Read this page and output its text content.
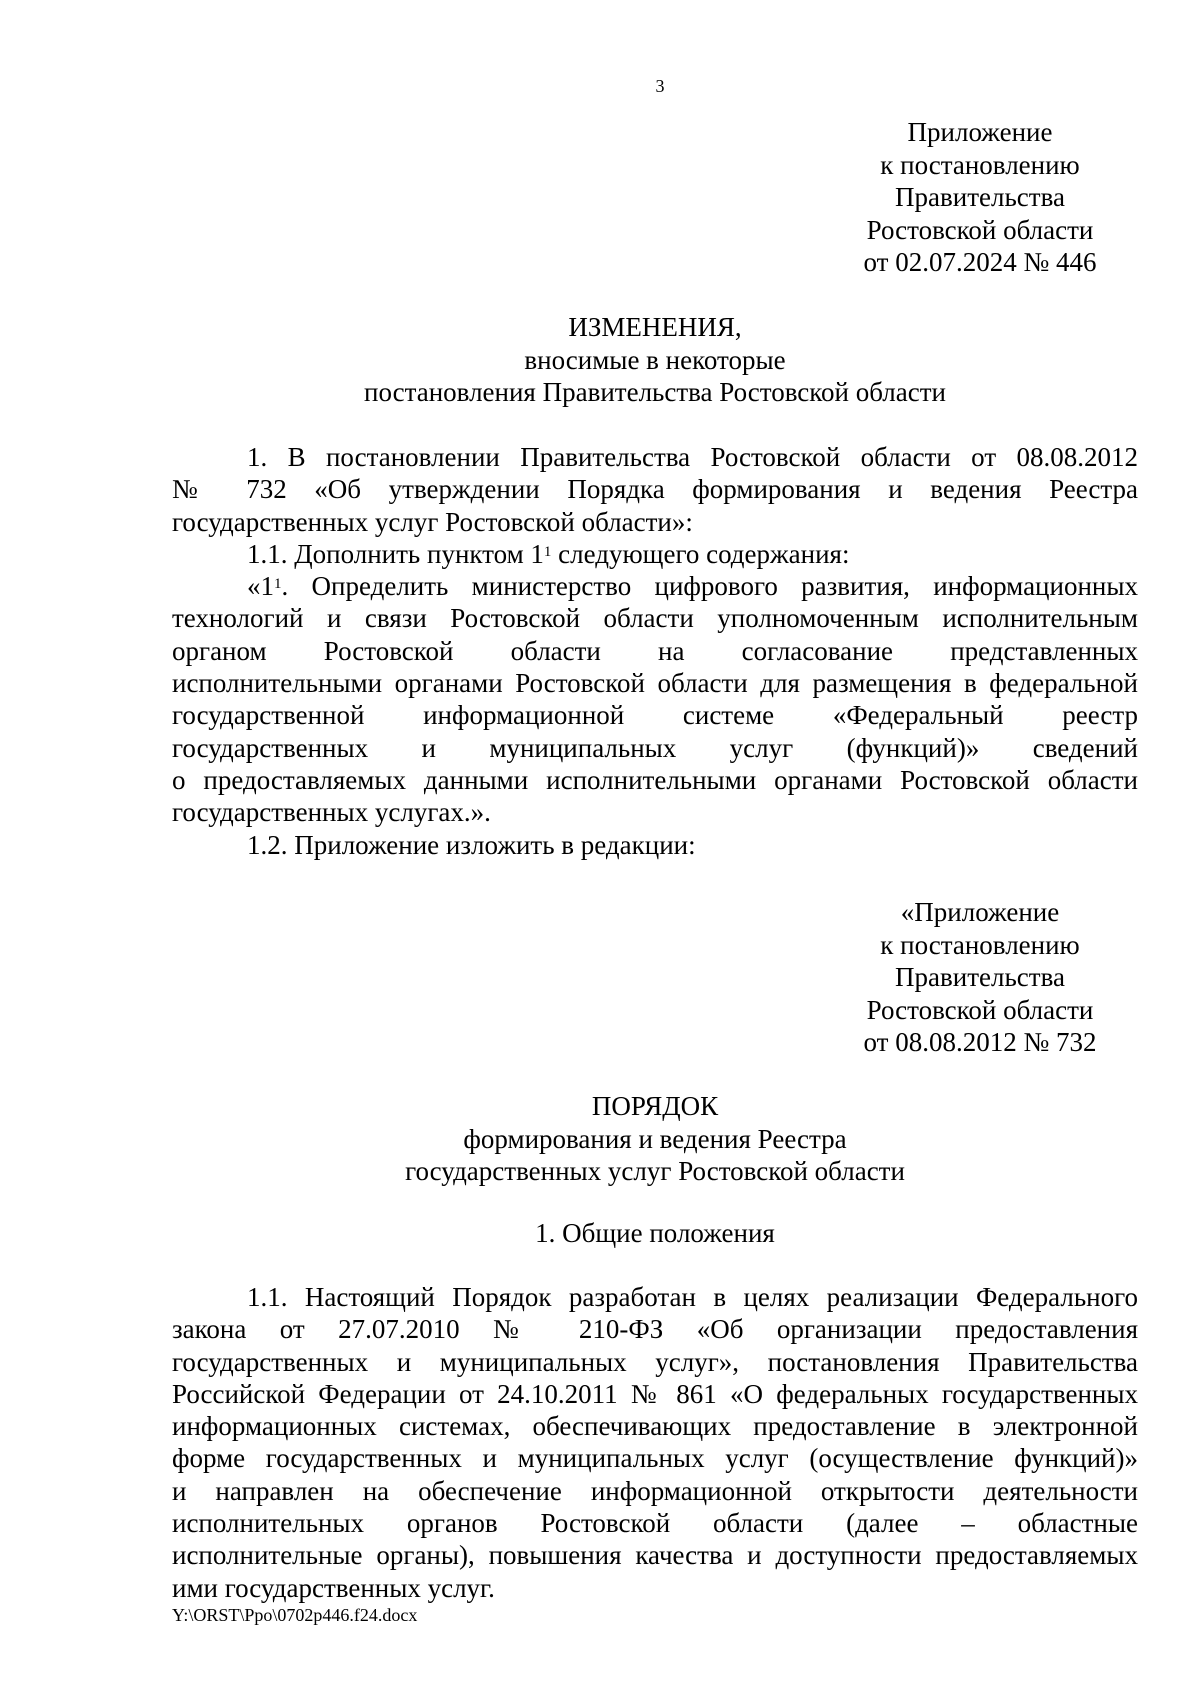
3
Приложение
к постановлению
Правительства
Ростовской области
от 02.07.2024 № 446
ИЗМЕНЕНИЯ,
вносимые в некоторые
постановления Правительства Ростовской области
1. В постановлении Правительства Ростовской области от 08.08.2012
№ 732 «Об утверждении Порядка формирования и ведения Реестра
государственных услуг Ростовской области»:
1.1. Дополнить пунктом $1^1$ следующего содержания:
«$1^1$. Определить министерство цифрового развития, информационных
технологий и связи Ростовской области уполномоченным исполнительным
органом Ростовской области на согласование представленных
исполнительными органами Ростовской области для размещения в федеральной
государственной информационной системе «Федеральный реестр
государственных и муниципальных услуг (функций)» сведений
о предоставляемых данными исполнительными органами Ростовской области
государственных услугах.».
1.2. Приложение изложить в редакции:
«Приложение
к постановлению
Правительства
Ростовской области
от 08.08.2012 № 732
ПОРЯДОК
формирования и ведения Реестра
государственных услуг Ростовской области
1. Общие положения
1.1. Настоящий Порядок разработан в целях реализации Федерального
закона от 27.07.2010 № 210-ФЗ «Об организации предоставления
государственных и муниципальных услуг», постановления Правительства
Российской Федерации от 24.10.2011 № 861 «О федеральных государственных
информационных системах, обеспечивающих предоставление в электронной
форме государственных и муниципальных услуг (осуществление функций)»
и направлен на обеспечение информационной открытости деятельности
исполнительных органов Ростовской области (далее – областные
исполнительные органы), повышения качества и доступности предоставляемых
ими государственных услуг.
Y:\ORST\Ppo\0702p446.f24.docx
